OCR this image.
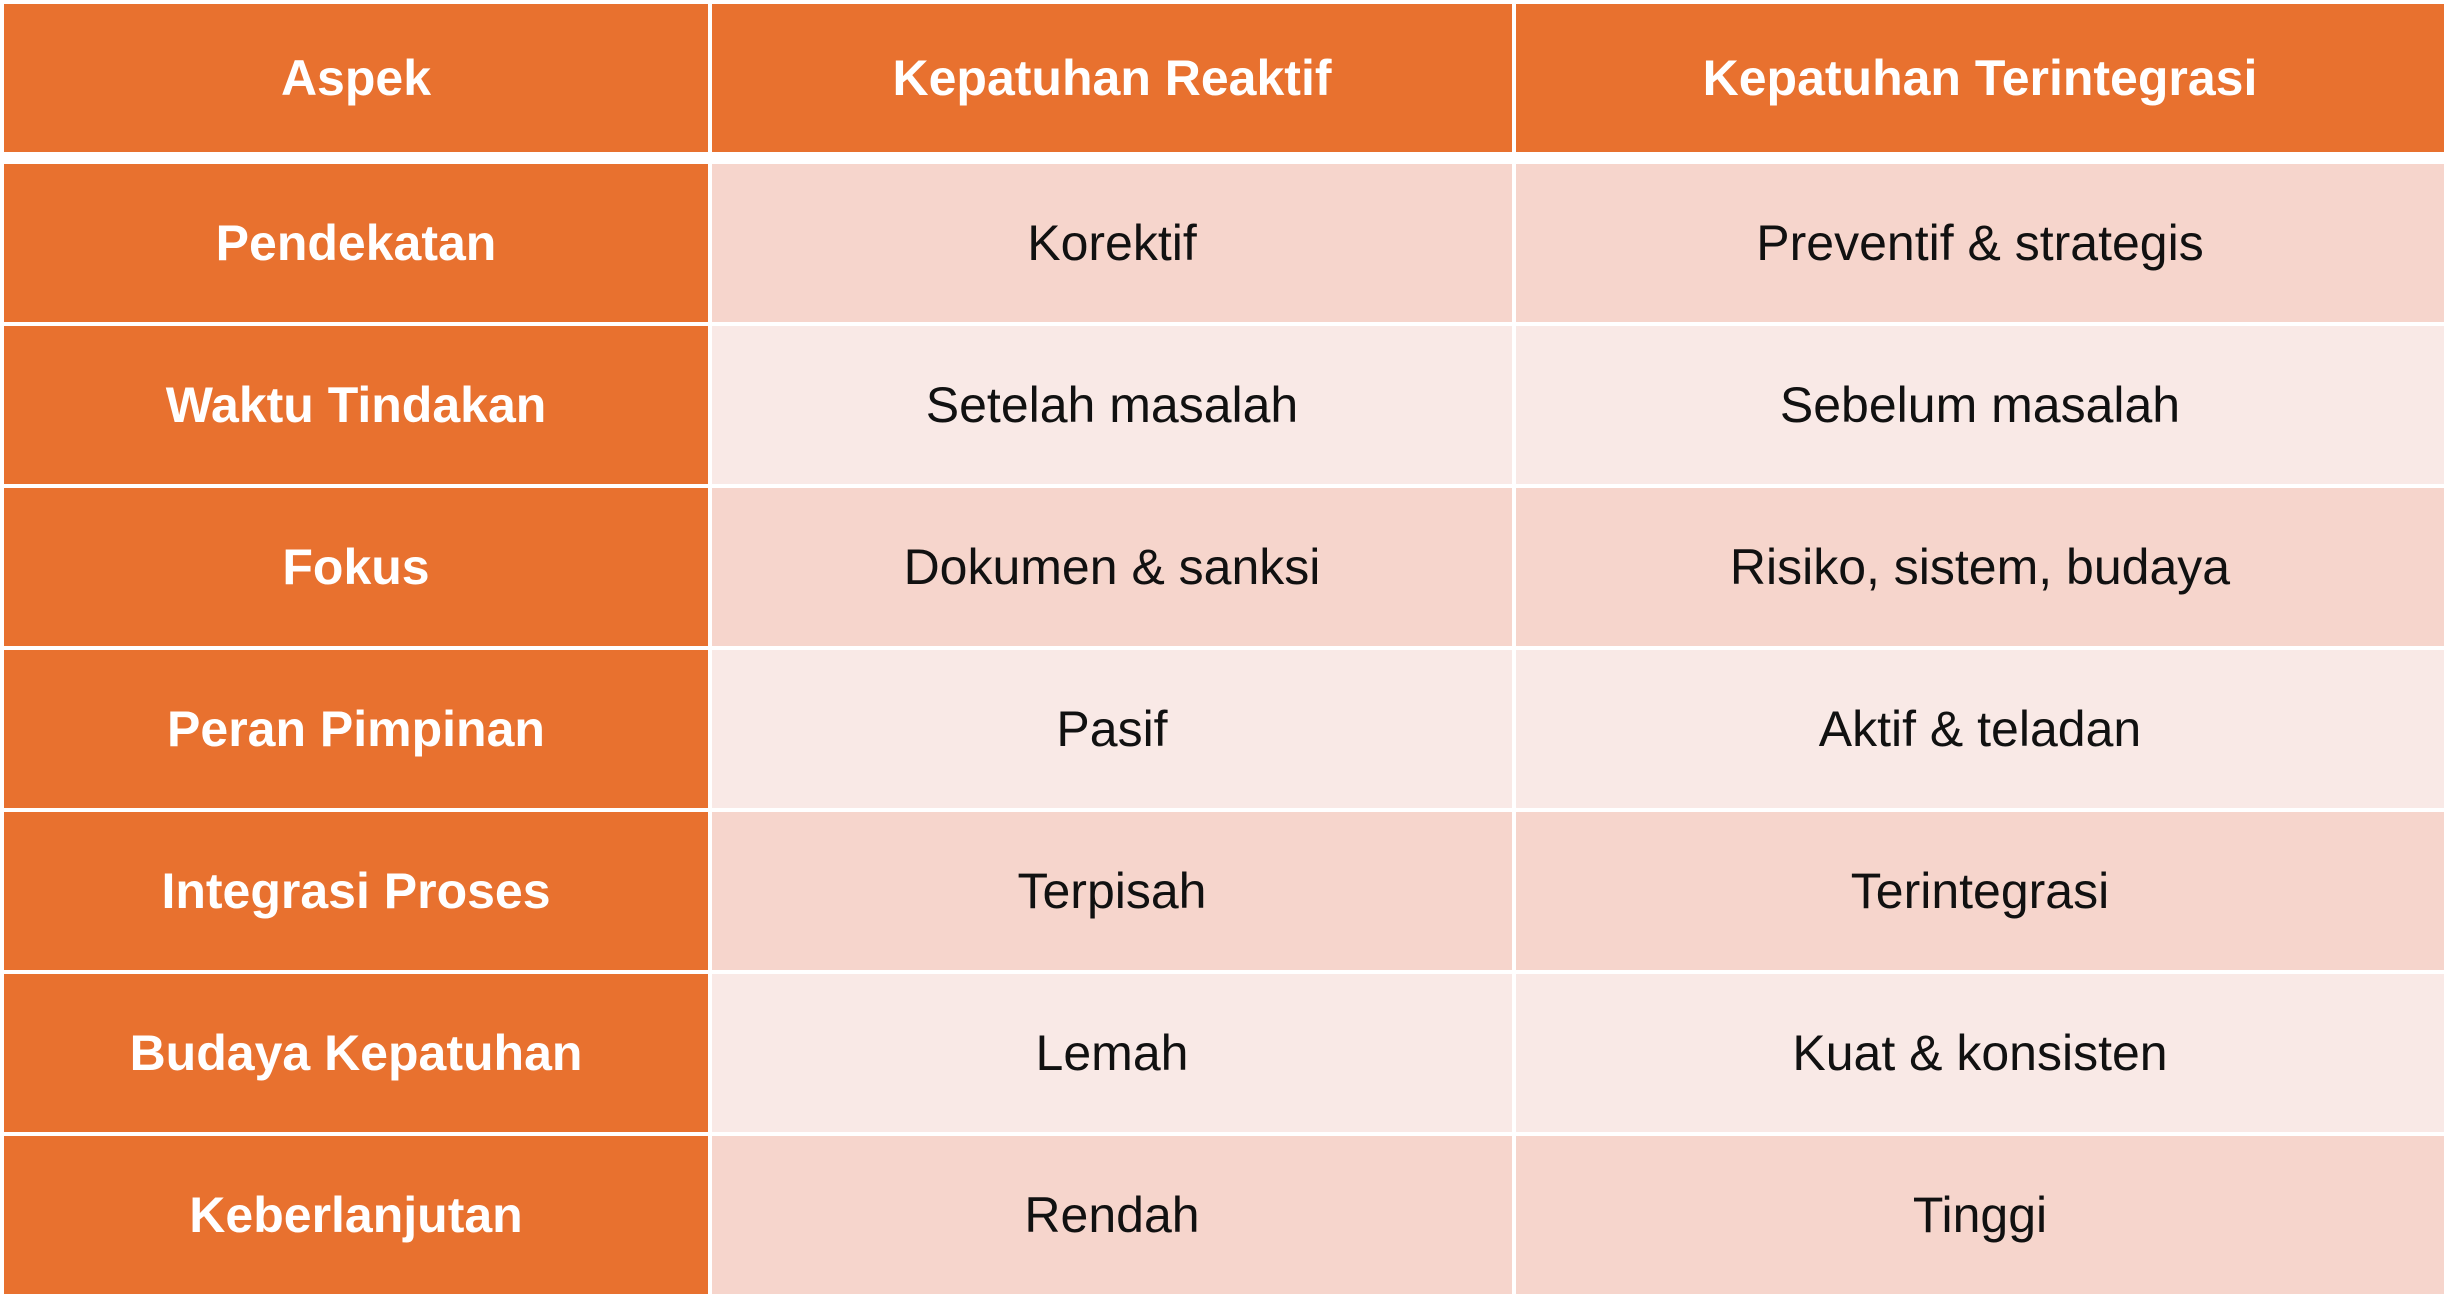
Aspek	Kepatuhan Reaktif	Kepatuhan Terintegrasi
Pendekatan	Korektif	Preventif & strategis
Waktu Tindakan	Setelah masalah	Sebelum masalah
Fokus	Dokumen & sanksi	Risiko, sistem, budaya
Peran Pimpinan	Pasif	Aktif & teladan
Integrasi Proses	Terpisah	Terintegrasi
Budaya Kepatuhan	Lemah	Kuat & konsisten
Keberlanjutan	Rendah	Tinggi
